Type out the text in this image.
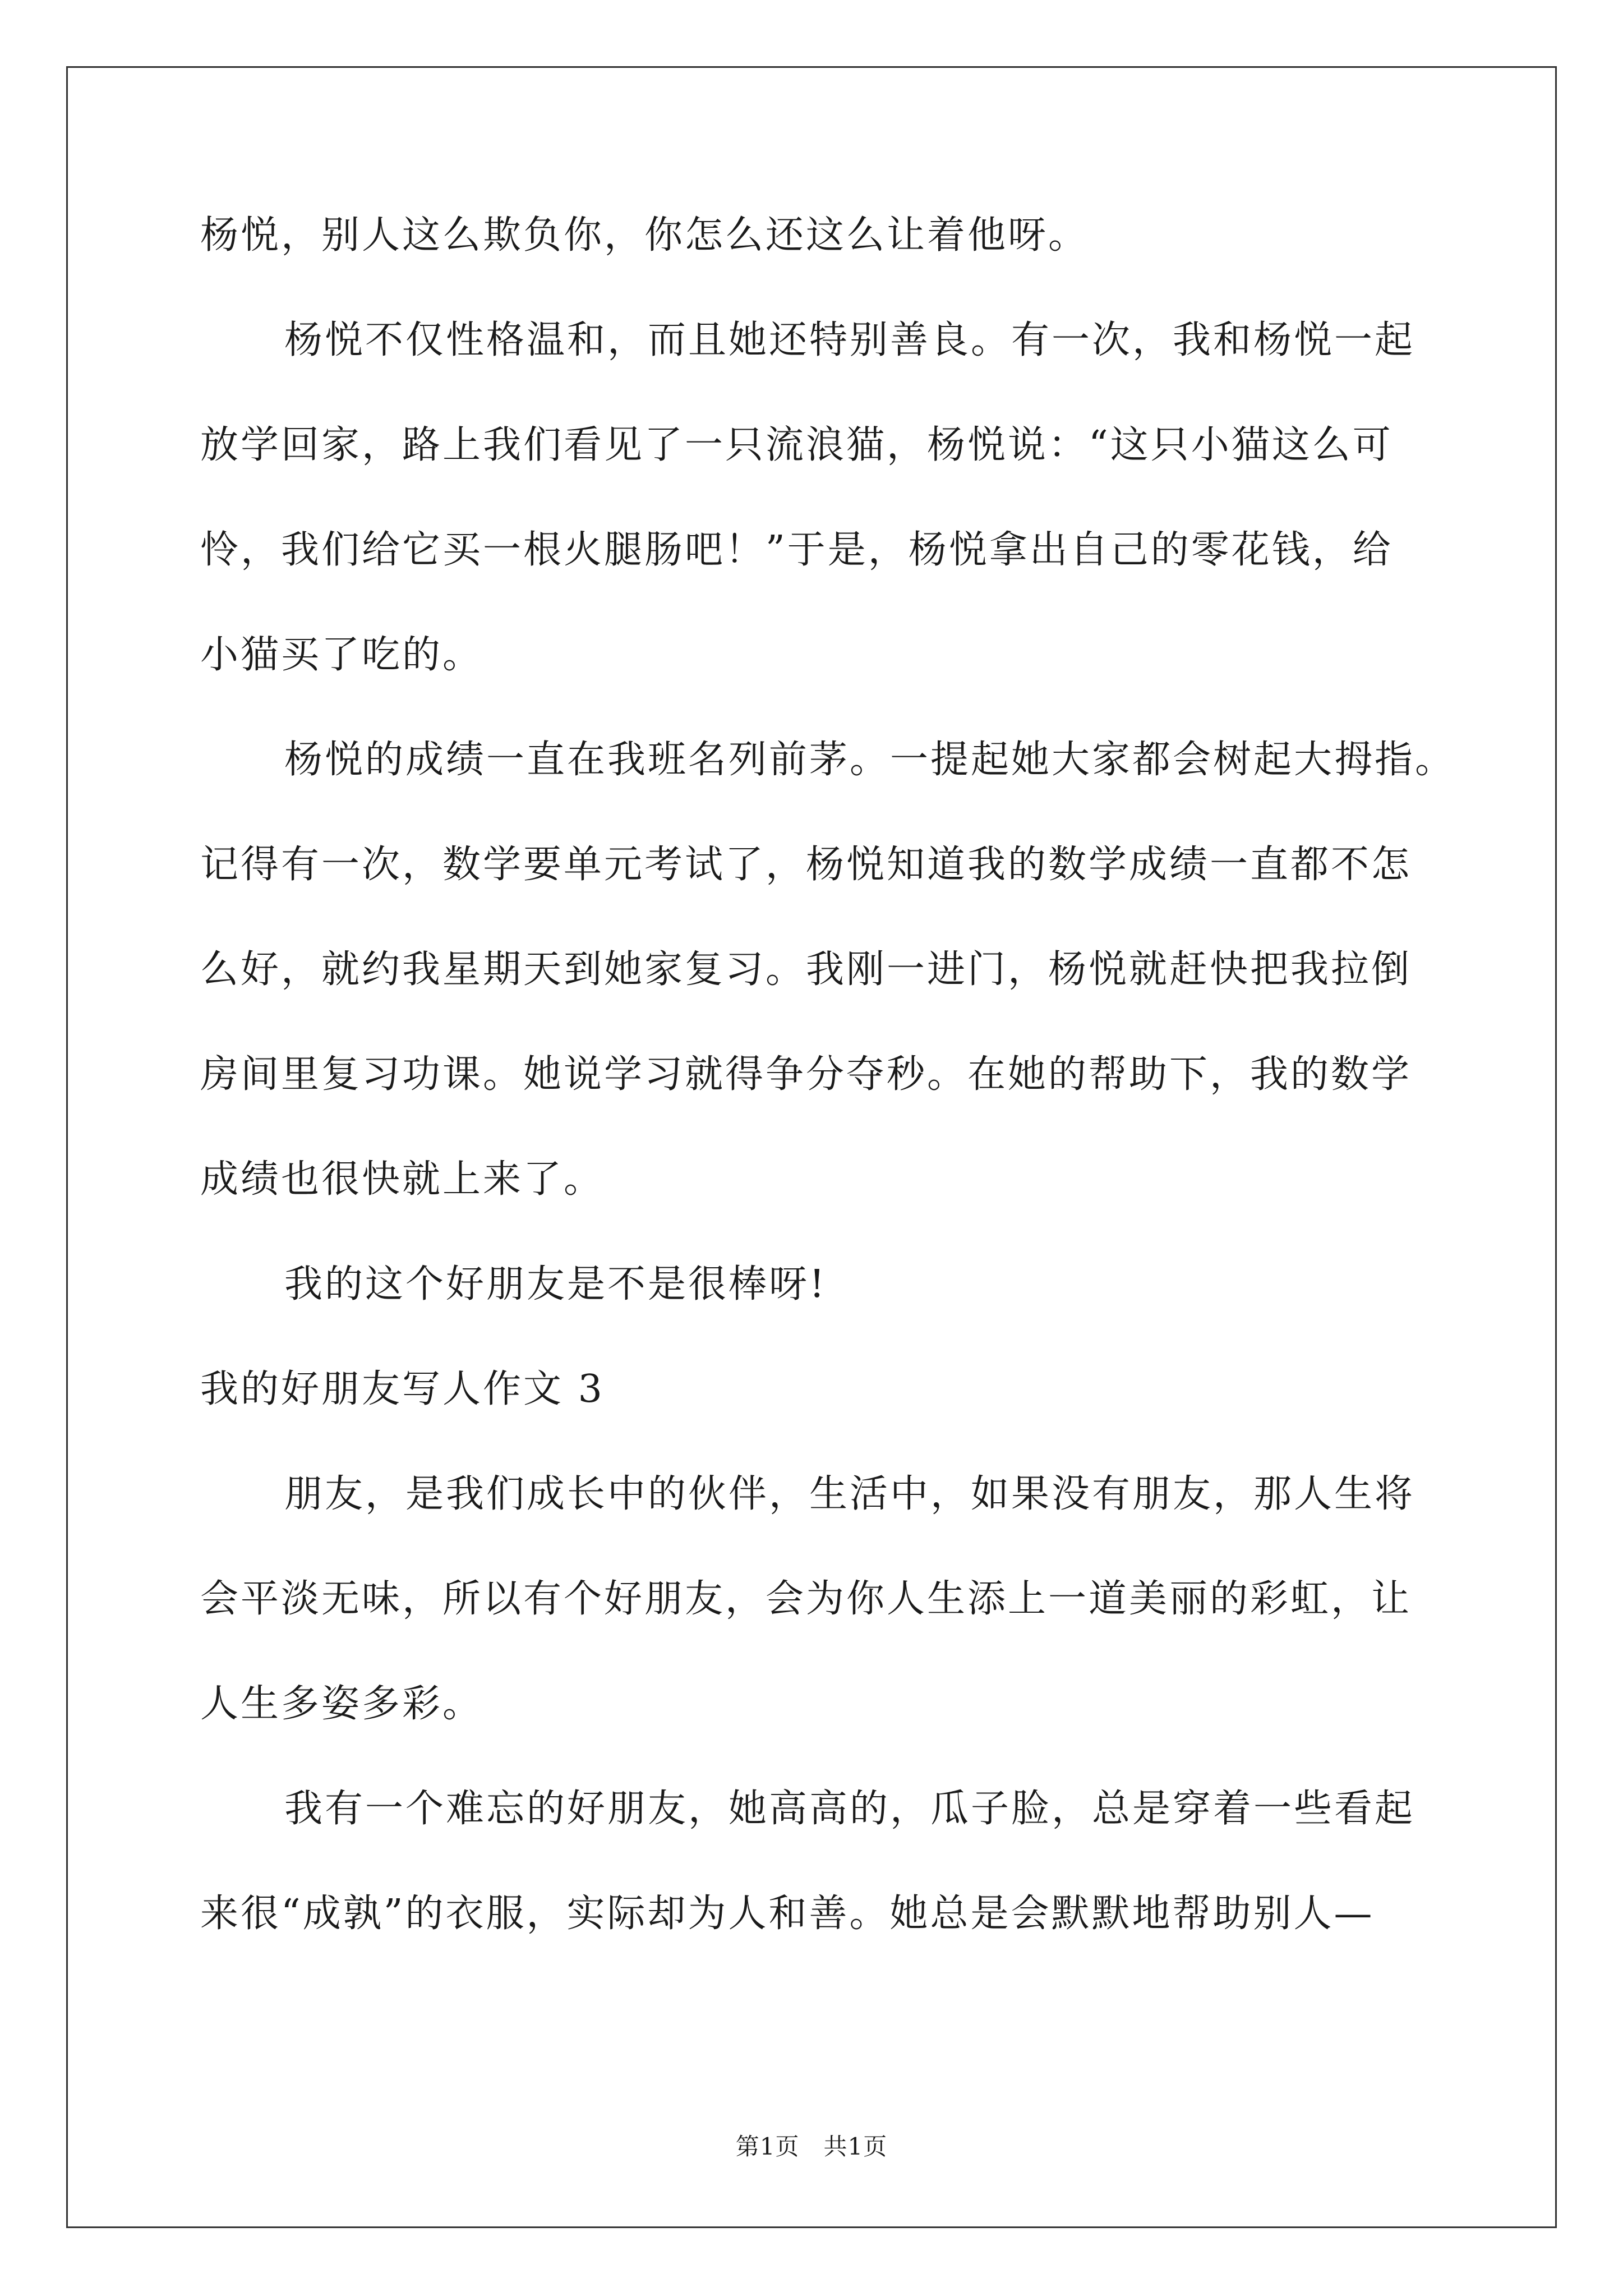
杨悦，别人这么欺负你，你怎么还这么让着他呀。
杨悦不仅性格温和，而且她还特别善良。有一次，我和杨悦一起
放学回家，路上我们看见了一只流浪猫，杨悦说：“这只小猫这么可
怜，我们给它买一根火腿肠吧！”于是，杨悦拿出自己的零花钱，给
小猫买了吃的。
杨悦的成绩一直在我班名列前茅。一提起她大家都会树起大拇指。
记得有一次，数学要单元考试了，杨悦知道我的数学成绩一直都不怎
么好，就约我星期天到她家复习。我刚一进门，杨悦就赶快把我拉倒
房间里复习功课。她说学习就得争分夺秒。在她的帮助下，我的数学
成绩也很快就上来了。
我的这个好朋友是不是很棒呀!
我的好朋友写人作文 3
朋友，是我们成长中的伙伴，生活中，如果没有朋友，那人生将
会平淡无味，所以有个好朋友，会为你人生添上一道美丽的彩虹，让
人生多姿多彩。
我有一个难忘的好朋友，她高高的，瓜子脸，总是穿着一些看起
来很“成孰”的衣服，实际却为人和善。她总是会默默地帮助别人—
第1页　共1页
